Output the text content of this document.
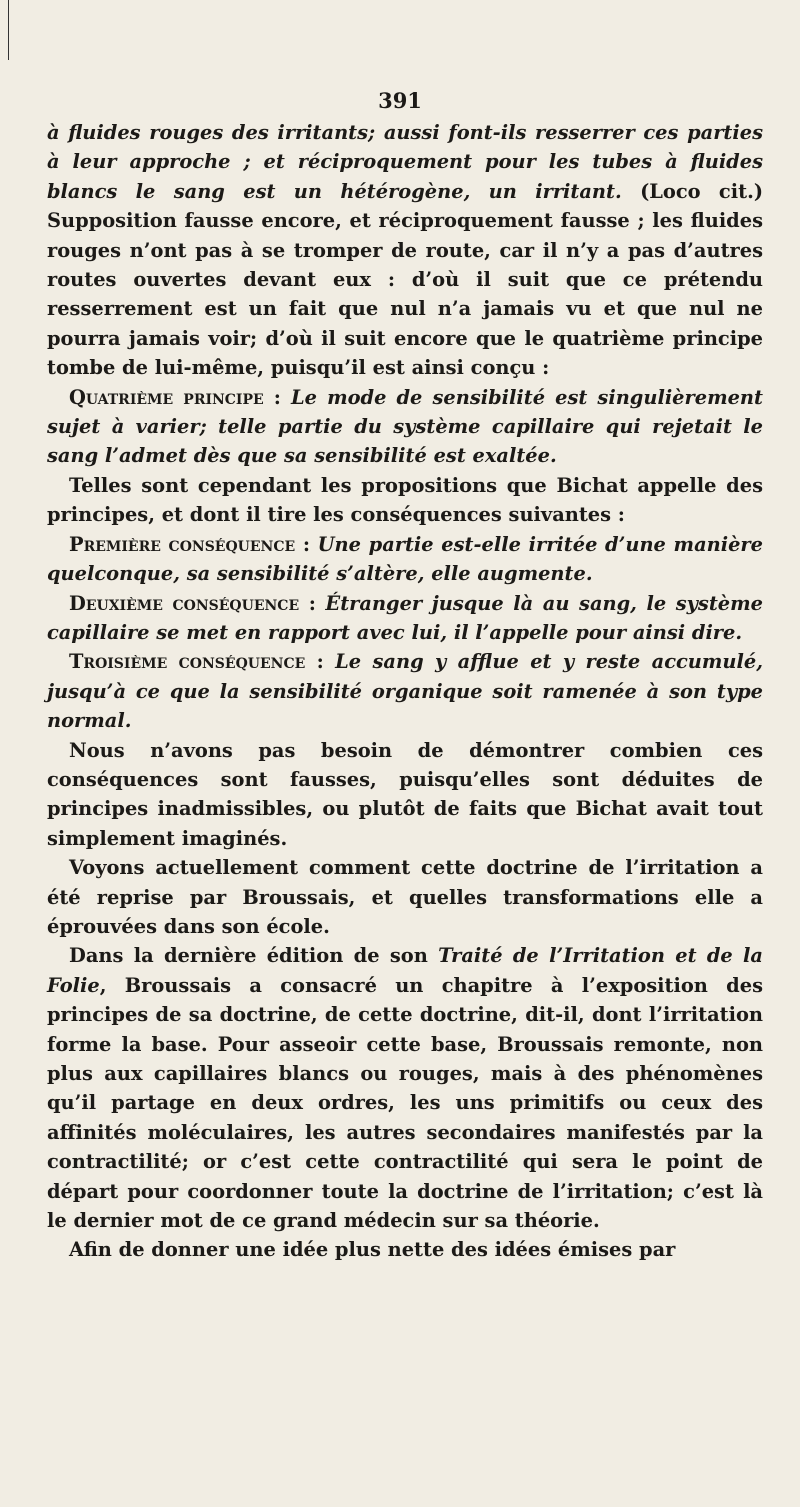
391

à fluides rouges des irritants; aussi font-ils resserrer ces parties à leur approche ; et réciproquement pour les tubes à fluides blancs le sang est un hétérogène, un irritant. (Loco cit.) Supposition fausse encore, et réciproquement fausse ; les fluides rouges n’ont pas à se tromper de route, car il n’y a pas d’autres routes ouvertes devant eux : d’où il suit que ce prétendu resserrement est un fait que nul n’a jamais vu et que nul ne pourra jamais voir; d’où il suit encore que le quatrième principe tombe de lui-même, puisqu’il est ainsi conçu :

Quatrième principe : Le mode de sensibilité est singulièrement sujet à varier; telle partie du système capillaire qui rejetait le sang l’admet dès que sa sensibilité est exaltée.

Telles sont cependant les propositions que Bichat appelle des principes, et dont il tire les conséquences suivantes :

Première conséquence : Une partie est-elle irritée d’une manière quelconque, sa sensibilité s’altère, elle augmente.

Deuxième conséquence : Étranger jusque là au sang, le système capillaire se met en rapport avec lui, il l’appelle pour ainsi dire.

Troisième conséquence : Le sang y afflue et y reste accumulé, jusqu’à ce que la sensibilité organique soit ramenée à son type normal.

Nous n’avons pas besoin de démontrer combien ces conséquences sont fausses, puisqu’elles sont déduites de principes inadmissibles, ou plutôt de faits que Bichat avait tout simplement imaginés.

Voyons actuellement comment cette doctrine de l’irritation a été reprise par Broussais, et quelles transformations elle a éprouvées dans son école.

Dans la dernière édition de son Traité de l’Irritation et de la Folie, Broussais a consacré un chapitre à l’exposition des principes de sa doctrine, de cette doctrine, dit-il, dont l’irritation forme la base. Pour asseoir cette base, Broussais remonte, non plus aux capillaires blancs ou rouges, mais à des phénomènes qu’il partage en deux ordres, les uns primitifs ou ceux des affinités moléculaires, les autres secondaires manifestés par la contractilité; or c’est cette contractilité qui sera le point de départ pour coordonner toute la doctrine de l’irritation; c’est là le dernier mot de ce grand médecin sur sa théorie.

Afin de donner une idée plus nette des idées émises par
